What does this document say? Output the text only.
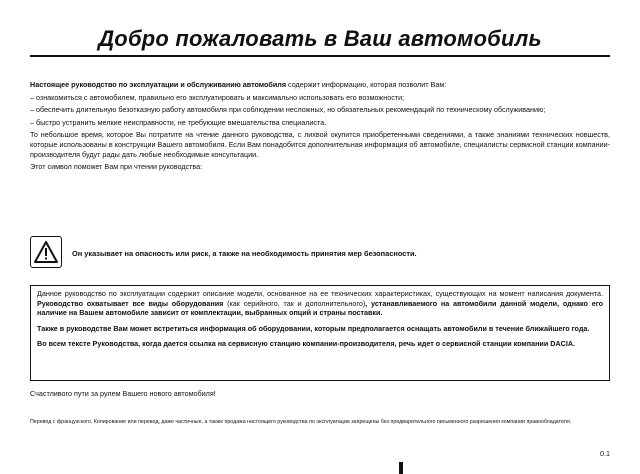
Добро пожаловать в Ваш автомобиль

Настоящее руководство по эксплуатации и обслуживанию автомобиля содержит информацию, которая позволит Вам:

– ознакомиться с автомобилем, правильно его эксплуатировать и максимально использовать его возможности;

– обеспечить длительную безотказную работу автомобиля при соблюдении несложных, но обязательных рекомендаций по техническому обслуживанию;

– быстро устранить мелкие неисправности, не требующие вмешательства специалиста.

То небольшое время, которое Вы потратите на чтение данного руководства, с лихвой окупится приобретенными сведениями, а также знаниями технических новшеств, которые использованы в конструкции Вашего автомобиля. Если Вам понадобится дополнительная информация об автомобиле, специалисты сервисной станции компании-производителя будут рады дать любые необходимые консультации.

Этот символ поможет Вам при чтении руководства:

Он указывает на опасность или риск, а также на необходимость принятия мер безопасности.

Данное руководство по эксплуатации содержит описание модели, основанное на ее технических характеристиках, существующих на момент написания документа. Руководство охватывает все виды оборудования (как серийного, так и дополнительного), устанавливаемого на автомобили данной модели, однако его наличие на Вашем автомобиле зависит от комплектации, выбранных опций и страны поставки.

Также в руководстве Вам может встретиться информация об оборудовании, которым предполагается оснащать автомобили в течение ближайшего года.

Во всем тексте Руководства, когда дается ссылка на сервисную станцию компании-производителя, речь идет о сервисной станции компании DACIA.

Счастливого пути за рулем Вашего нового автомобиля!
Перевод с французского. Копирование или перевод, даже частичные, а также продажа настоящего руководства по эксплуатации запрещены без предварительного письменного разрешения компании правообладателя.
0.1
